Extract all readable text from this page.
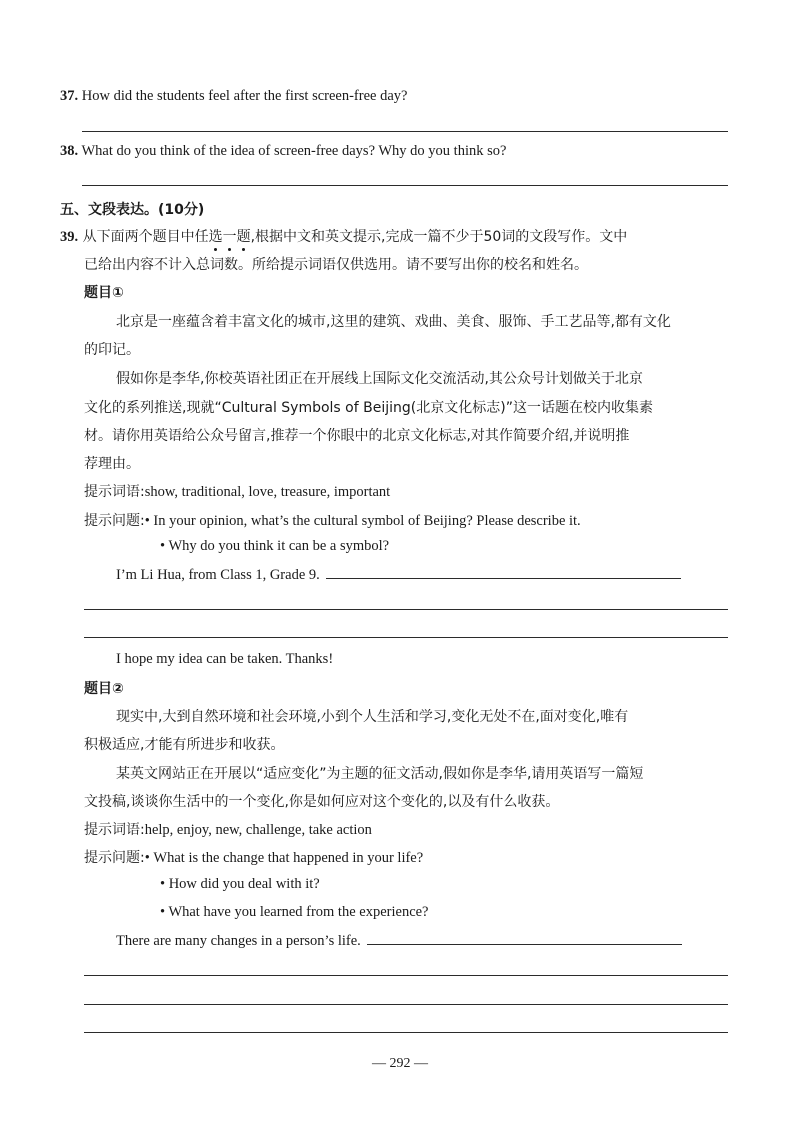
37. How did the students feel after the first screen-free day?
38. What do you think of the idea of screen-free days? Why do you think so?
五、文段表达。(10分)
39. 从下面两个题目中任选一题,根据中文和英文提示,完成一篇不少于50词的文段写作。文中
已给出内容不计入总词数。所给提示词语仅供选用。请不要写出你的校名和姓名。
题目①
北京是一座蕴含着丰富文化的城市,这里的建筑、戏曲、美食、服饰、手工艺品等,都有文化
的印记。
假如你是李华,你校英语社团正在开展线上国际文化交流活动,其公众号计划做关于北京
文化的系列推送,现就“Cultural Symbols of Beijing(北京文化标志)”这一话题在校内收集素
材。请你用英语给公众号留言,推荐一个你眼中的北京文化标志,对其作简要介绍,并说明推
荐理由。
提示词语:show, traditional, love, treasure, important
提示问题:• In your opinion, what’s the cultural symbol of Beijing? Please describe it.
• Why do you think it can be a symbol?
I’m Li Hua, from Class 1, Grade 9.
I hope my idea can be taken. Thanks!
题目②
现实中,大到自然环境和社会环境,小到个人生活和学习,变化无处不在,面对变化,唯有
积极适应,才能有所进步和收获。
某英文网站正在开展以“适应变化”为主题的征文活动,假如你是李华,请用英语写一篇短
文投稿,谈谈你生活中的一个变化,你是如何应对这个变化的,以及有什么收获。
提示词语:help, enjoy, new, challenge, take action
提示问题:• What is the change that happened in your life?
• How did you deal with it?
• What have you learned from the experience?
There are many changes in a person’s life.
— 292 —
